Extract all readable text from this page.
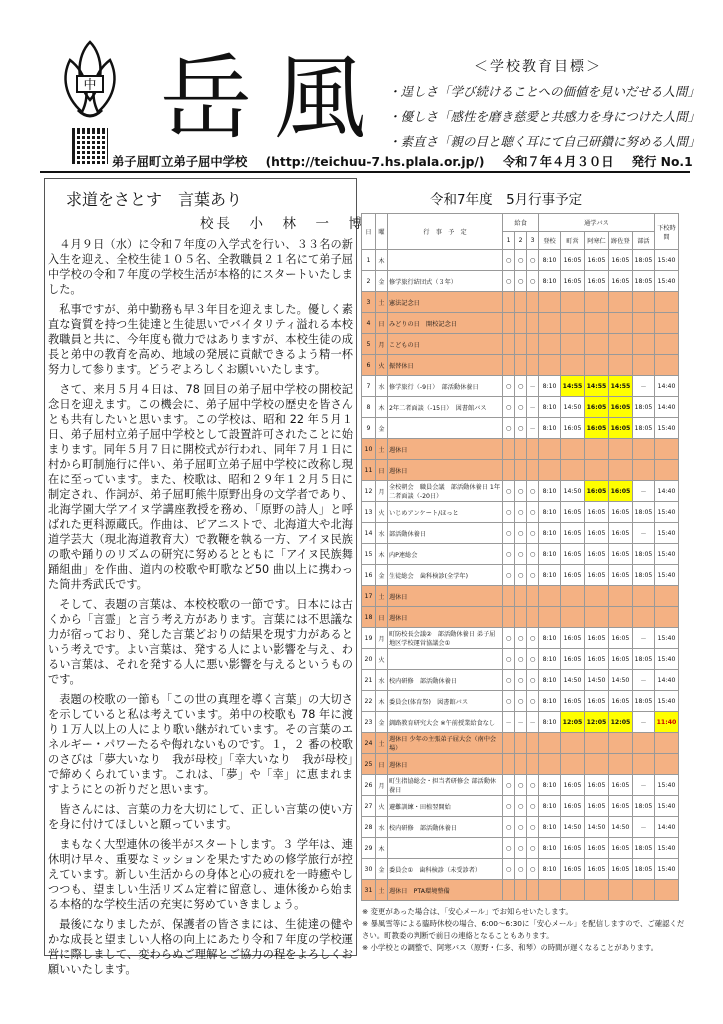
中 岳風	＜学校教育目標＞
・逞しさ「学び続けることへの価値を見いだせる人間」
・優しさ「感性を磨き慈愛と共感力を身につけた人間」
・素直さ「親の目と聴く耳にて自己研鑽に努める人間」
弟子屈町立弟子屈中学校 (http://teichuu-7.hs.plala.or.jp/) 令和７年４月３０日 発行 No.1
求道をさとす　言葉あり
校長　小　林　一　博

４月９日（水）に令和７年度の入学式を行い、３３名の新入生を迎え、全校生徒１０５名、全教職員２１名にて弟子屈中学校の令和７年度の学校生活が本格的にスタートいたしました。

私事ですが、弟中勤務も早３年目を迎えました。優しく素直な資質を持つ生徒達と生徒思いでバイタリティ溢れる本校教職員と共に、今年度も微力ではありますが、本校生徒の成長と弟中の教育を高め、地域の発展に貢献できるよう精一杯努力して参ります。どうぞよろしくお願いいたします。

さて、来月５月４日は、78 回目の弟子屈中学校の開校記念日を迎えます。この機会に、弟子屈中学校の歴史を皆さんとも共有したいと思います。この学校は、昭和 22 年５月１日、弟子屈村立弟子屈中学校として設置許可されたことに始まります。同年５月７日に開校式が行われ、同年７月１日に村から町制施行に伴い、弟子屈町立弟子屈中学校に改称し現在に至っています。また、校歌は、昭和２９年１２月５日に制定され、作詞が、弟子屈町熊牛原野出身の文学者であり、北海学園大学アイヌ学講座教授を務め、「原野の詩人」と呼ばれた更科源蔵氏。作曲は、ピアニストで、北海道大や北海道学芸大（現北海道教育大）で教鞭を執る一方、アイヌ民族の歌や踊りのリズムの研究に努めるとともに「アイヌ民族舞踊組曲」を作曲、道内の校歌や町歌など50 曲以上に携わった筒井秀武氏です。

そして、表題の言葉は、本校校歌の一節です。日本には古くから「言霊」と言う考え方があります。言葉には不思議な力が宿っており、発した言葉どおりの結果を現す力があるという考えです。よい言葉は、発する人によい影響を与え、わるい言葉は、それを発する人に悪い影響を与えるというものです。

表題の校歌の一節も「この世の真理を導く言葉」の大切さを示していると私は考えています。弟中の校歌も 78 年に渡り１万人以上の人により歌い継がれています。その言葉のエネルギー・パワーたるや侮れないものです。１，２ 番の校歌のさびは「夢大いなり　我が母校」「幸大いなり　我が母校」で締めくられています。これは、「夢」や「幸」に恵まれますようにとの祈りだと思います。

皆さんには、言葉の力を大切にして、正しい言葉の使い方を身に付けてほしいと願っています。

まもなく大型連休の後半がスタートします。３ 学年は、連休明け早々、重要なミッションを果たすための修学旅行が控えています。新しい生活からの身体と心の疲れを一時癒やしつつも、望ましい生活リズム定着に留意し、連休後から始まる本格的な学校生活の充実に努めていきましょう。

最後になりましたが、保護者の皆さまには、生徒達の健やかな成長と望ましい人格の向上にあたり令和７年度の学校運営に際しまして、変わらぬご理解とご協力の程をよろしくお願いいたします。

令和7年度　5月行事予定
日	曜	行　事　予　定	給食			通学バス					下校時間
			1	2	3	登校	町営	阿寒仁	跡佐登	部活	
1	木		○	○	○	8:10	16:05	16:05	16:05	18:05	15:40
2	金	修学旅行結団式（３年）	○	○	○	8:10	16:05	16:05	16:05	18:05	15:40
3	土	憲法記念日									
4	日	みどりの日　開校記念日									
5	月	こどもの日									
6	火	振替休日									
7	水	修学旅行（-9日）　部活動休養日	○	○	－	8:10	14:55	14:55	14:55	－	14:40
8	木	2年二者面談（-15日）　図書館バス	○	○	－	8:10	14:50	16:05	16:05	18:05	14:40
9	金		○	○	－	8:10	16:05	16:05	16:05	18:05	15:40
10	土	週休日									
11	日	週休日									
12	月	全校朝会　職員会議　部活動休養日 1年二者面談（-20日）	○	○	○	8:10	14:50	16:05	16:05	－	14:40
13	火	いじめアンケート/ほっと	○	○	○	8:10	16:05	16:05	16:05	18:05	15:40
14	水	部活動休養日	○	○	○	8:10	16:05	16:05	16:05	－	15:40
15	木	内P連総会	○	○	○	8:10	16:05	16:05	16:05	18:05	15:40
16	金	生徒総会　歯科検診(全学年)	○	○	○	8:10	16:05	16:05	16:05	18:05	15:40
17	土	週休日									
18	日	週休日									
19	月	町防校長会議②　部活動休養日 弟子屈地区学校運営協議会①	○	○	○	8:10	16:05	16:05	16:05	－	15:40
20	火		○	○	○	8:10	16:05	16:05	16:05	18:05	15:40
21	水	校内研修　部活動休養日	○	○	○	8:10	14:50	14:50	14:50	－	14:40
22	木	委員会(体育祭)　図書館バス	○	○	○	8:10	16:05	16:05	16:05	18:05	15:40
23	金	釧路教育研究大会 ※午前授業給食なし	－	－	－	8:10	12:05	12:05	12:05	－	11:40
24	土	週休日 少年の主張弟子屈大会（南中会場）									
25	日	週休日									
26	月	町生指協総会・担当者研修会 部活動休養日	○	○	○	8:10	16:05	16:05	16:05	－	15:40
27	火	避難訓練・田植翌開始	○	○	○	8:10	16:05	16:05	16:05	18:05	15:40
28	水	校内研修　部活動休養日	○	○	○	8:10	14:50	14:50	14:50	－	14:40
29	木		○	○	○	8:10	16:05	16:05	16:05	18:05	15:40
30	金	委員会①　歯科検診（未受診者）	○	○	○	8:10	16:05	16:05	16:05	18:05	15:40
31	土	週休日　PTA環境整備									
※ 変更があった場合は、「安心メール」でお知らせいたします。
※ 暴風雪等による臨時休校の場合、6:00～6:30に「安心メール」を配信しますので、ご確認ください。町教委の判断で前日の連絡となることもあります。
※ 小学校との調整で、阿寒バス（原野・仁多、和琴）の時間が遅くなることがあります。
